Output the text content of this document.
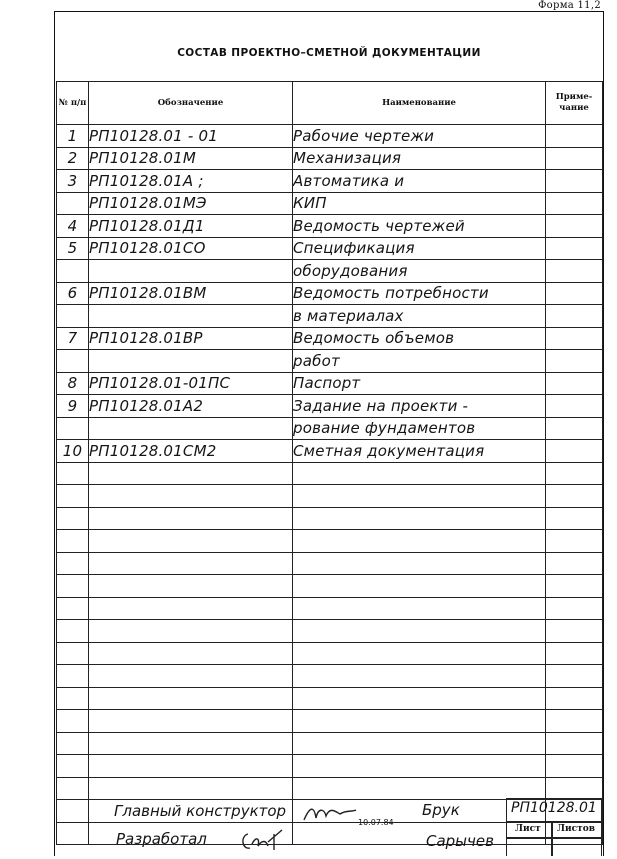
Форма 11,2
СОСТАВ ПРОЕКТНО–СМЕТНОЙ ДОКУМЕНТАЦИИ
№ п/п	Обозначение	Наименование	Приме-чание
1	РП10128.01 - 01	Рабочие чертежи	
2	РП10128.01М	Механизация	
3	РП10128.01А ;	Автоматика и	
	РП10128.01МЭ	КИП	
4	РП10128.01Д1	Ведомость чертежей	
5	РП10128.01СО	Спецификация	
		оборудования	
6	РП10128.01ВМ	Ведомость потребности	
		в материалах	
7	РП10128.01ВР	Ведомость объемов	
		работ	
8	РП10128.01-01ПС	Паспорт	
9	РП10128.01А2	Задание на проекти -	
		рование фундаментов	
10	РП10128.01СМ2	Сметная документация	

Главный конструктор
10.07.84
Брук
Разработал	Сарычев
РП10128.01
Лист Листов
